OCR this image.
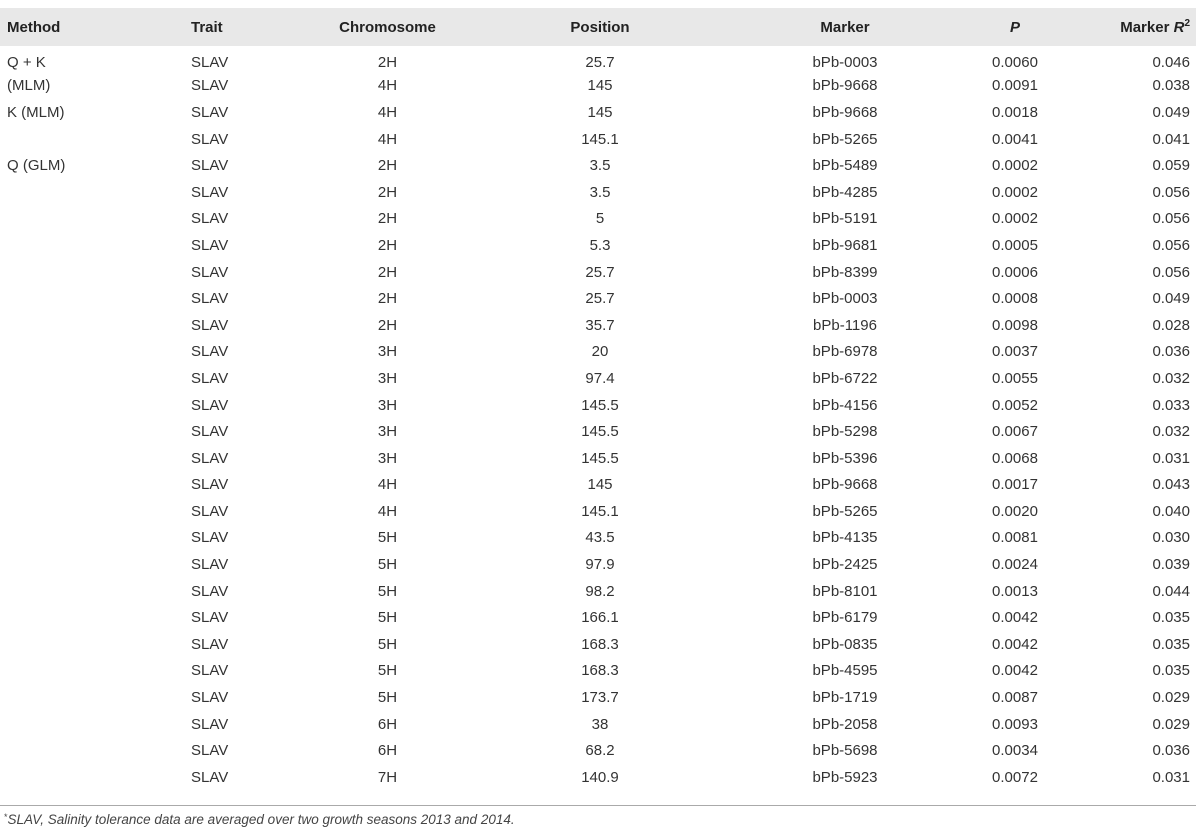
Method	Trait	Chromosome	Position	Marker	P	Marker $R^2$
Q + K	SLAV	2H	25.7	bPb-0003	0.0060	0.046
(MLM)	SLAV	4H	145	bPb-9668	0.0091	0.038
K (MLM)	SLAV	4H	145	bPb-9668	0.0018	0.049
	SLAV	4H	145.1	bPb-5265	0.0041	0.041
Q (GLM)	SLAV	2H	3.5	bPb-5489	0.0002	0.059
	SLAV	2H	3.5	bPb-4285	0.0002	0.056
	SLAV	2H	5	bPb-5191	0.0002	0.056
	SLAV	2H	5.3	bPb-9681	0.0005	0.056
	SLAV	2H	25.7	bPb-8399	0.0006	0.056
	SLAV	2H	25.7	bPb-0003	0.0008	0.049
	SLAV	2H	35.7	bPb-1196	0.0098	0.028
	SLAV	3H	20	bPb-6978	0.0037	0.036
	SLAV	3H	97.4	bPb-6722	0.0055	0.032
	SLAV	3H	145.5	bPb-4156	0.0052	0.033
	SLAV	3H	145.5	bPb-5298	0.0067	0.032
	SLAV	3H	145.5	bPb-5396	0.0068	0.031
	SLAV	4H	145	bPb-9668	0.0017	0.043
	SLAV	4H	145.1	bPb-5265	0.0020	0.040
	SLAV	5H	43.5	bPb-4135	0.0081	0.030
	SLAV	5H	97.9	bPb-2425	0.0024	0.039
	SLAV	5H	98.2	bPb-8101	0.0013	0.044
	SLAV	5H	166.1	bPb-6179	0.0042	0.035
	SLAV	5H	168.3	bPb-0835	0.0042	0.035
	SLAV	5H	168.3	bPb-4595	0.0042	0.035
	SLAV	5H	173.7	bPb-1719	0.0087	0.029
	SLAV	6H	38	bPb-2058	0.0093	0.029
	SLAV	6H	68.2	bPb-5698	0.0034	0.036
	SLAV	7H	140.9	bPb-5923	0.0072	0.031
*SLAV, Salinity tolerance data are averaged over two growth seasons 2013 and 2014.
